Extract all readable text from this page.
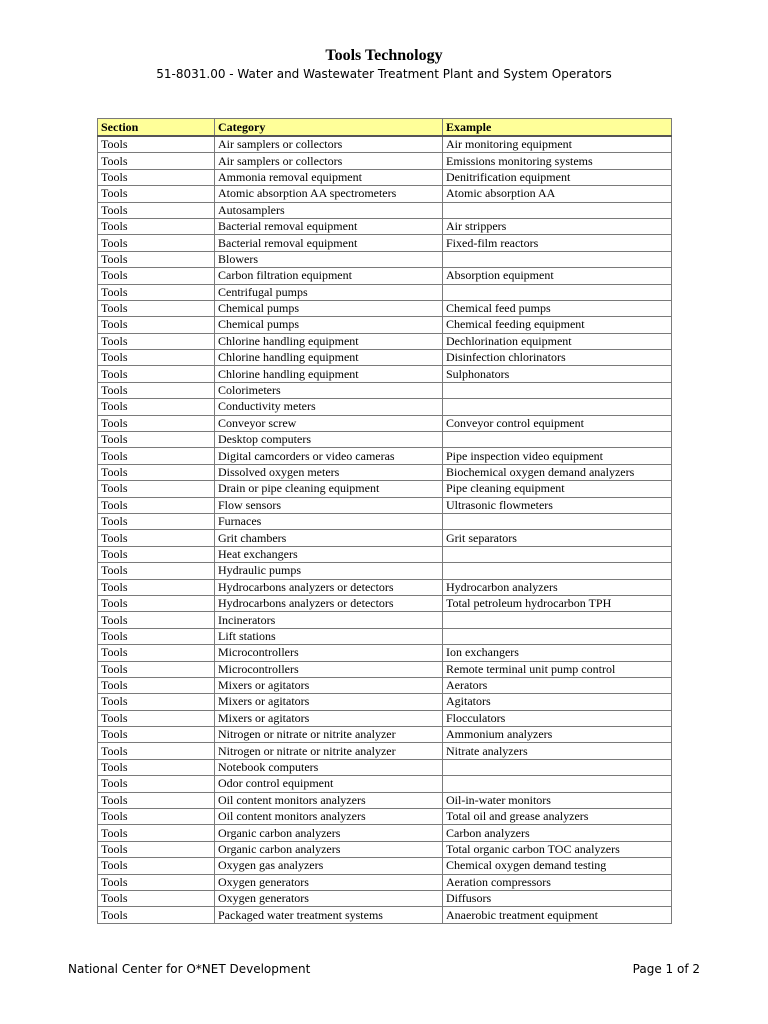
Tools Technology
51-8031.00 - Water and Wastewater Treatment Plant and System Operators
Section	Category	Example
Tools	Air samplers or collectors	Air monitoring equipment
Tools	Air samplers or collectors	Emissions monitoring systems
Tools	Ammonia removal equipment	Denitrification equipment
Tools	Atomic absorption AA spectrometers	Atomic absorption AA
Tools	Autosamplers	
Tools	Bacterial removal equipment	Air strippers
Tools	Bacterial removal equipment	Fixed-film reactors
Tools	Blowers	
Tools	Carbon filtration equipment	Absorption equipment
Tools	Centrifugal pumps	
Tools	Chemical pumps	Chemical feed pumps
Tools	Chemical pumps	Chemical feeding equipment
Tools	Chlorine handling equipment	Dechlorination equipment
Tools	Chlorine handling equipment	Disinfection chlorinators
Tools	Chlorine handling equipment	Sulphonators
Tools	Colorimeters	
Tools	Conductivity meters	
Tools	Conveyor screw	Conveyor control equipment
Tools	Desktop computers	
Tools	Digital camcorders or video cameras	Pipe inspection video equipment
Tools	Dissolved oxygen meters	Biochemical oxygen demand analyzers
Tools	Drain or pipe cleaning equipment	Pipe cleaning equipment
Tools	Flow sensors	Ultrasonic flowmeters
Tools	Furnaces	
Tools	Grit chambers	Grit separators
Tools	Heat exchangers	
Tools	Hydraulic pumps	
Tools	Hydrocarbons analyzers or detectors	Hydrocarbon analyzers
Tools	Hydrocarbons analyzers or detectors	Total petroleum hydrocarbon TPH
Tools	Incinerators	
Tools	Lift stations	
Tools	Microcontrollers	Ion exchangers
Tools	Microcontrollers	Remote terminal unit pump control
Tools	Mixers or agitators	Aerators
Tools	Mixers or agitators	Agitators
Tools	Mixers or agitators	Flocculators
Tools	Nitrogen or nitrate or nitrite analyzer	Ammonium analyzers
Tools	Nitrogen or nitrate or nitrite analyzer	Nitrate analyzers
Tools	Notebook computers	
Tools	Odor control equipment	
Tools	Oil content monitors analyzers	Oil-in-water monitors
Tools	Oil content monitors analyzers	Total oil and grease analyzers
Tools	Organic carbon analyzers	Carbon analyzers
Tools	Organic carbon analyzers	Total organic carbon TOC analyzers
Tools	Oxygen gas analyzers	Chemical oxygen demand testing
Tools	Oxygen generators	Aeration compressors
Tools	Oxygen generators	Diffusors
Tools	Packaged water treatment systems	Anaerobic treatment equipment
National Center for O*NET Development	Page 1 of 2
